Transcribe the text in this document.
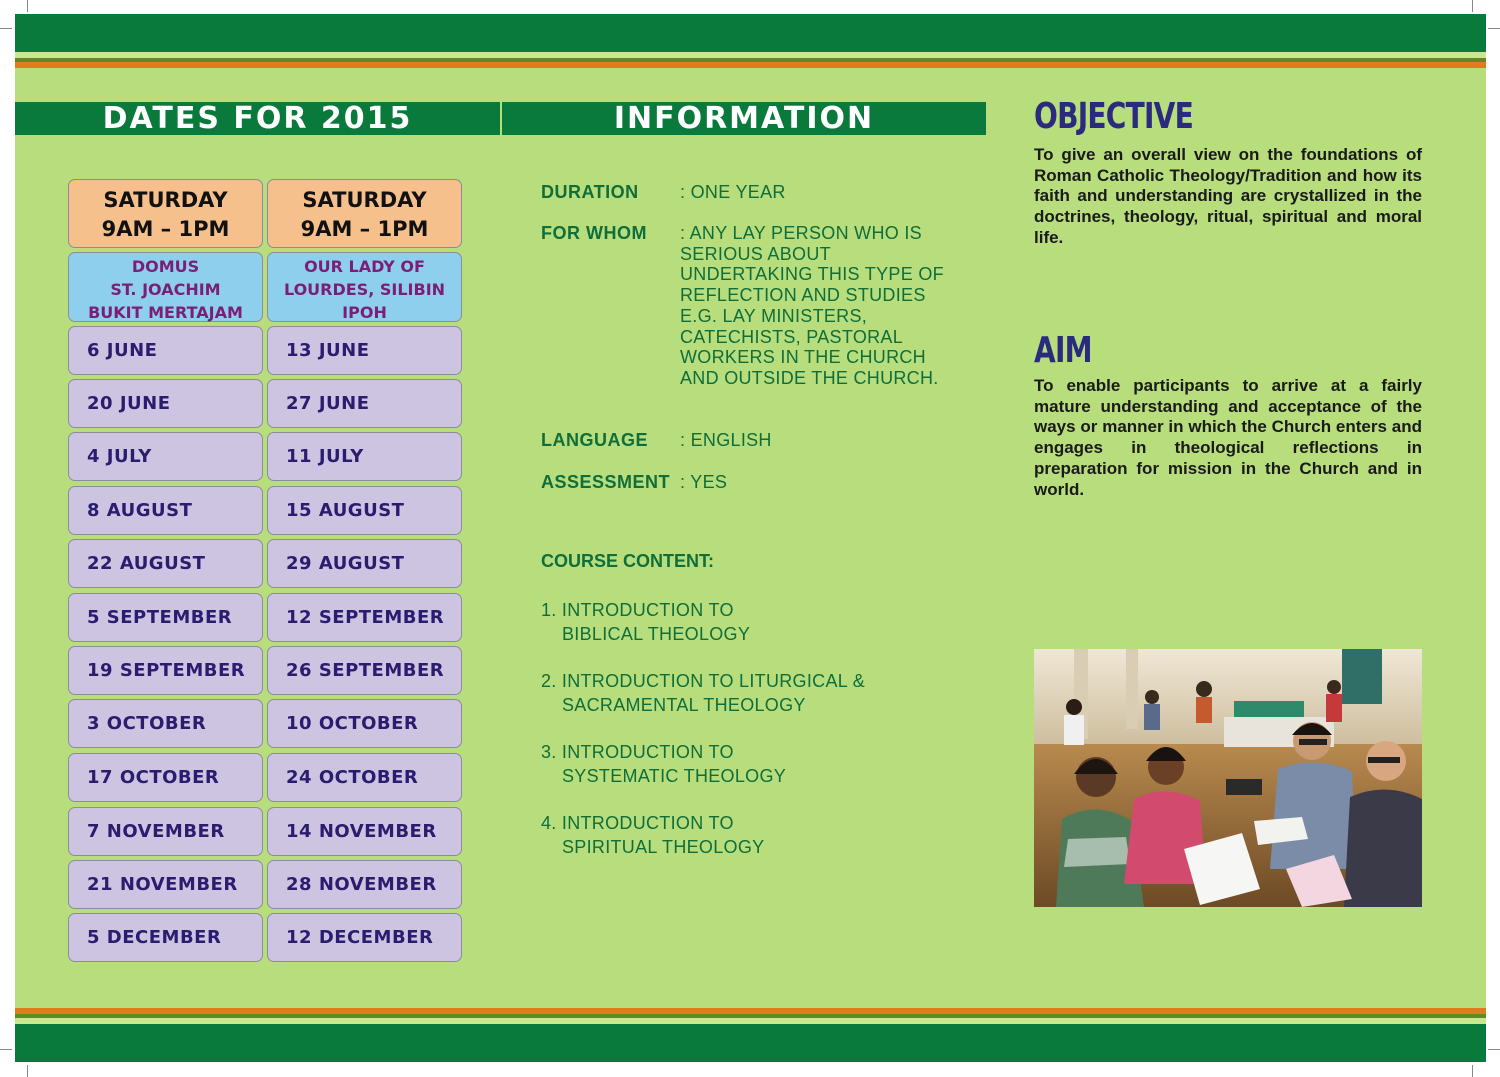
DATES FOR 2015	INFORMATION
SATURDAY
9AM – 1PM
SATURDAY
9AM – 1PM
DOMUS
ST. JOACHIM
BUKIT MERTAJAM
OUR LADY OF
LOURDES, SILIBIN
IPOH
6 JUNE
20 JUNE
4 JULY
8 AUGUST
22 AUGUST
5 SEPTEMBER
19 SEPTEMBER
3 OCTOBER
17 OCTOBER
7 NOVEMBER
21 NOVEMBER
5 DECEMBER
13 JUNE
27 JUNE
11 JULY
15 AUGUST
29 AUGUST
12 SEPTEMBER
26 SEPTEMBER
10 OCTOBER
24 OCTOBER
14 NOVEMBER
28 NOVEMBER
12 DECEMBER
DURATION : ONE YEAR
FOR WHOM : ANY LAY PERSON WHO IS SERIOUS ABOUT UNDERTAKING THIS TYPE OF REFLECTION AND STUDIES E.G. LAY MINISTERS, CATECHISTS, PASTORAL WORKERS IN THE CHURCH AND OUTSIDE THE CHURCH.
LANGUAGE : ENGLISH
ASSESSMENT : YES
COURSE CONTENT:
1. INTRODUCTION TO
BIBLICAL THEOLOGY
2. INTRODUCTION TO LITURGICAL &
SACRAMENTAL THEOLOGY
3. INTRODUCTION TO
SYSTEMATIC THEOLOGY
4. INTRODUCTION TO
SPIRITUAL THEOLOGY
OBJECTIVE
To give an overall view on the foundations of Roman Catholic Theology/Tradition and how its faith and understanding are crystallized in the doctrines, theology, ritual, spiritual and moral life.
AIM
To enable participants to arrive at a fairly mature understanding and acceptance of the ways or manner in which the Church enters and engages in theological reflections in preparation for mission in the Church and in world.
